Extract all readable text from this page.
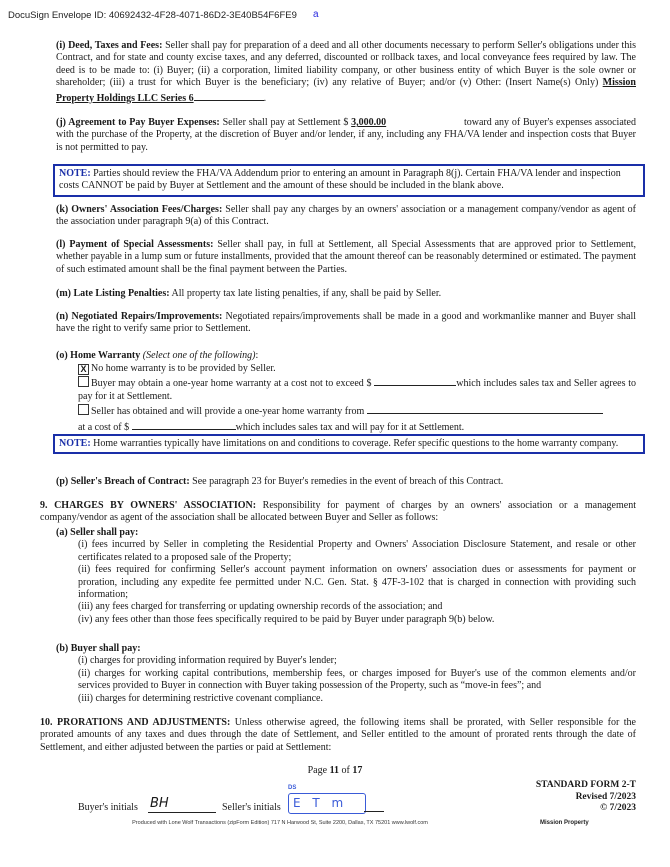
DocuSign Envelope ID: 40692432-4F28-4071-86D2-3E40B54F6FE9 a

(i) Deed, Taxes and Fees: Seller shall pay for preparation of a deed and all other documents necessary to perform Seller's obligations under this Contract, and for state and county excise taxes, and any deferred, discounted or rollback taxes, and local conveyance fees required by law. The deed is to be made to: (i) Buyer; (ii) a corporation, limited liability company, or other business entity of which Buyer is the sole owner or shareholder; (iii) a trust for which Buyer is the beneficiary; (iv) any relative of Buyer; and/or (v) Other: (Insert Name(s) Only) Mission Property Holdings LLC Series 6	.

(j) Agreement to Pay Buyer Expenses: Seller shall pay at Settlement $ 3,000.00	toward any of Buyer's expenses associated with the purchase of the Property, at the discretion of Buyer and/or lender, if any, including any FHA/VA lender and inspection costs that Buyer is not permitted to pay.

NOTE: Parties should review the FHA/VA Addendum prior to entering an amount in Paragraph 8(j). Certain FHA/VA lender and inspection costs CANNOT be paid by Buyer at Settlement and the amount of these should be included in the blank above.

(k) Owners' Association Fees/Charges: Seller shall pay any charges by an owners' association or a management company/vendor as agent of the association under paragraph 9(a) of this Contract.

(l) Payment of Special Assessments: Seller shall pay, in full at Settlement, all Special Assessments that are approved prior to Settlement, whether payable in a lump sum or future installments, provided that the amount thereof can be reasonably determined or estimated. The payment of such estimated amount shall be the final payment between the Parties.

(m) Late Listing Penalties: All property tax late listing penalties, if any, shall be paid by Seller.

(n) Negotiated Repairs/Improvements: Negotiated repairs/improvements shall be made in a good and workmanlike manner and Buyer shall have the right to verify same prior to Settlement.

(o) Home Warranty (Select one of the following):

X No home warranty is to be provided by Seller.
Buyer may obtain a one-year home warranty at a cost not to exceed $	which includes sales tax and Seller agrees to pay for it at Settlement.
Seller has obtained and will provide a one-year home warranty from
at a cost of $	which includes sales tax and will pay for it at Settlement.
NOTE: Home warranties typically have limitations on and conditions to coverage. Refer specific questions to the home warranty company.

(p) Seller's Breach of Contract: See paragraph 23 for Buyer's remedies in the event of breach of this Contract.

9. CHARGES BY OWNERS' ASSOCIATION: Responsibility for payment of charges by an owners' association or a management company/vendor as agent of the association shall be allocated between Buyer and Seller as follows:

(a) Seller shall pay:
(i) fees incurred by Seller in completing the Residential Property and Owners' Association Disclosure Statement, and resale or other certificates related to a proposed sale of the Property;
(ii) fees required for confirming Seller's account payment information on owners' association dues or assessments for payment or proration, including any expedite fee permitted under N.C. Gen. Stat. § 47F-3-102 that is charged in connection with providing such information;
(iii) any fees charged for transferring or updating ownership records of the association; and
(iv) any fees other than those fees specifically required to be paid by Buyer under paragraph 9(b) below.
(b) Buyer shall pay:
(i) charges for providing information required by Buyer's lender;
(ii) charges for working capital contributions, membership fees, or charges imposed for Buyer's use of the common elements and/or services provided to Buyer in connection with Buyer taking possession of the Property, such as “move-in fees”; and
(iii) charges for determining restrictive covenant compliance.

10. PRORATIONS AND ADJUSTMENTS: Unless otherwise agreed, the following items shall be prorated, with Seller responsible for the prorated amounts of any taxes and dues through the date of Settlement, and Seller entitled to the amount of prorated rents through the date of Settlement, and either adjusted between the parties or paid at Settlement:

Page 11 of 17
STANDARD FORM 2-T
Revised 7/2023
© 7/2023
Buyer's initials BH	Seller's initials
DS
E T m
Produced with Lone Wolf Transactions (zipForm Edition) 717 N Harwood St, Suite 2200, Dallas, TX 75201 www.lwolf.com	Mission Property
